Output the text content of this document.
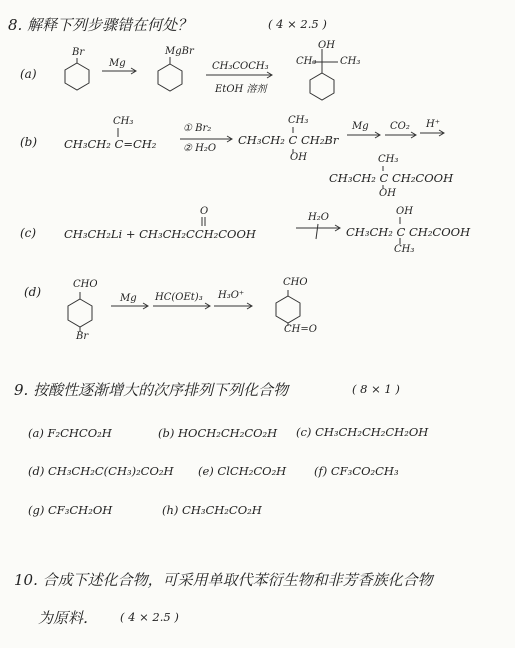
8. 解释下列步骤错在何处？	( 4 × 2.5 )
(a)
Br
Mg
MgBr
CH₃COCH₃
EtOH 溶剂
OH
CH₃ CH₃
(b)
CH₃
CH₃CH₂ C=CH₂
① Br₂
② H₂O
CH₃
CH₃CH₂ C CH₂Br
OH
Mg CO₂ H⁺
CH₃
CH₃CH₂ C CH₂COOH
OH
(c) CH₃CH₂Li + CH₃CH₂CCH₂COOH
O
H₂O
OH
CH₃CH₂ C CH₂COOH
CH₃
(d)
CHO
Br
Mg HC(OEt)₃ H₃O⁺
CHO
CH=O
9. 按酸性逐渐增大的次序排列下列化合物	( 8 × 1 )
(a) F₂CHCO₂H	(b) HOCH₂CH₂CO₂H (c) CH₃CH₂CH₂CH₂OH
(d) CH₃CH₂C(CH₃)₂CO₂H (e) ClCH₂CO₂H (f) CF₃CO₂CH₃
(g) CF₃CH₂OH	(h) CH₃CH₂CO₂H
10. 合成下述化合物，可采用单取代苯衍生物和非芳香族化合物
为原料． ( 4 × 2.5 )
